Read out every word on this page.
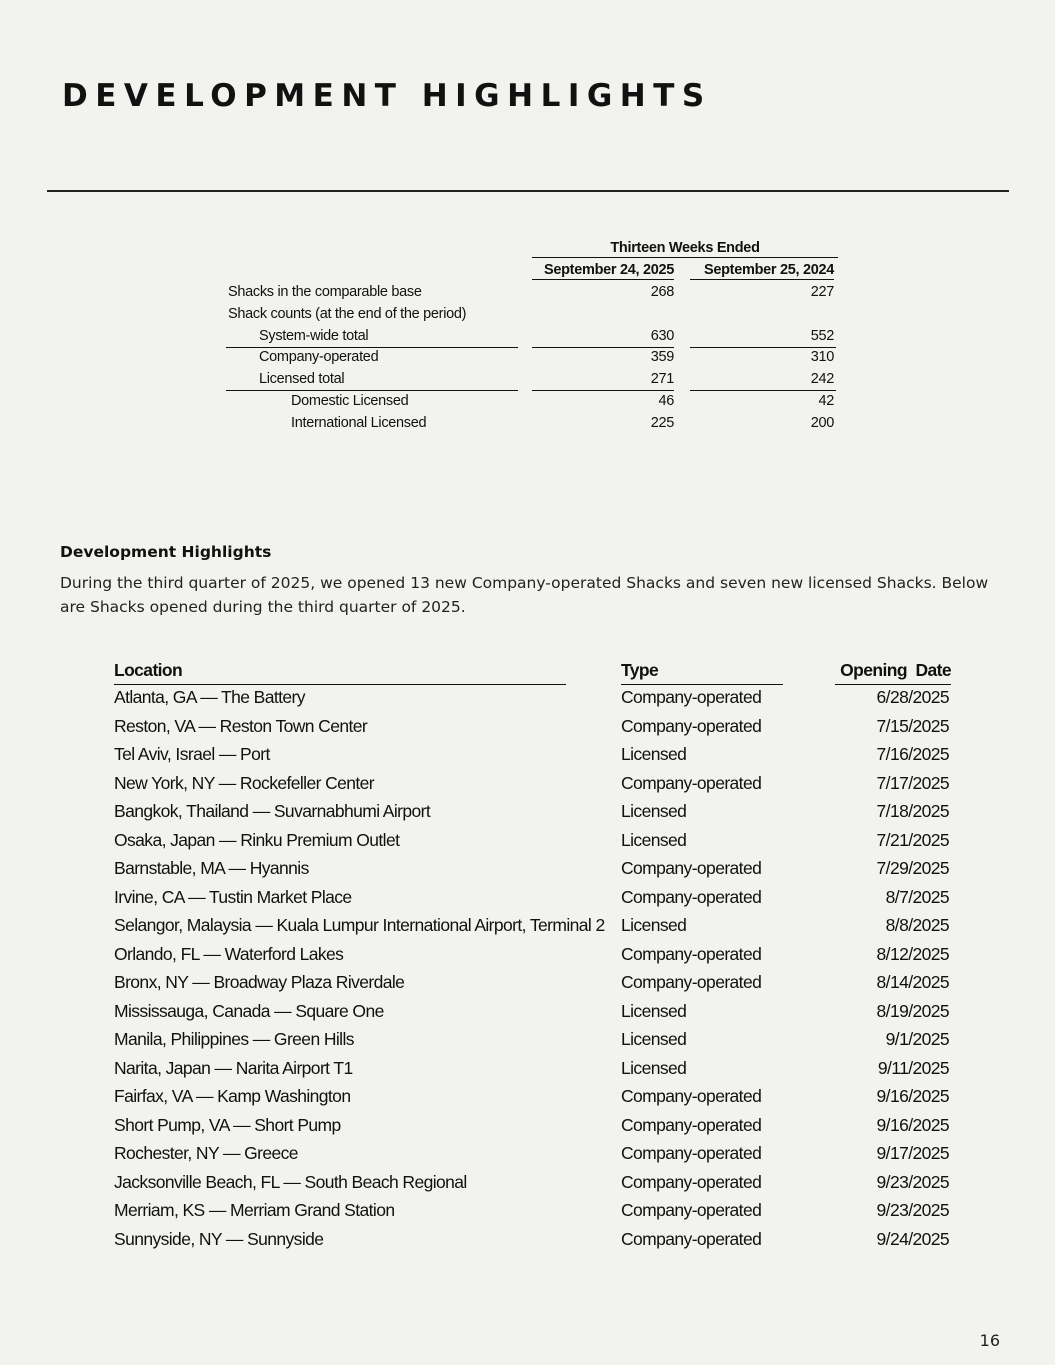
DEVELOPMENT HIGHLIGHTS
Thirteen Weeks Ended
September 24, 2025	September 25, 2024
Shacks in the comparable base	268	227
Shack counts (at the end of the period)
System-wide total	630	552
Company-operated	359	310
Licensed total	271	242
Domestic Licensed	46	42
International Licensed	225	200
Development Highlights

During the third quarter of 2025, we opened 13 new Company-operated Shacks and seven new licensed Shacks. Below are Shacks opened during the third quarter of 2025.

Location	Type	Opening  Date
Atlanta, GA — The Battery	Company-operated	6/28/2025
Reston, VA — Reston Town Center	Company-operated	7/15/2025
Tel Aviv, Israel — Port	Licensed	7/16/2025
New York, NY — Rockefeller Center	Company-operated	7/17/2025
Bangkok, Thailand — Suvarnabhumi Airport	Licensed	7/18/2025
Osaka, Japan — Rinku Premium Outlet	Licensed	7/21/2025
Barnstable, MA — Hyannis	Company-operated	7/29/2025
Irvine, CA — Tustin Market Place	Company-operated	8/7/2025
Selangor, Malaysia — Kuala Lumpur International Airport, Terminal 2 Licensed	8/8/2025
Orlando, FL — Waterford Lakes	Company-operated	8/12/2025
Bronx, NY — Broadway Plaza Riverdale	Company-operated	8/14/2025
Mississauga, Canada — Square One	Licensed	8/19/2025
Manila, Philippines — Green Hills	Licensed	9/1/2025
Narita, Japan — Narita Airport T1	Licensed	9/11/2025
Fairfax, VA — Kamp Washington	Company-operated	9/16/2025
Short Pump, VA — Short Pump	Company-operated	9/16/2025
Rochester, NY — Greece	Company-operated	9/17/2025
Jacksonville Beach, FL — South Beach Regional	Company-operated	9/23/2025
Merriam, KS — Merriam Grand Station	Company-operated	9/23/2025
Sunnyside, NY — Sunnyside	Company-operated	9/24/2025
16
